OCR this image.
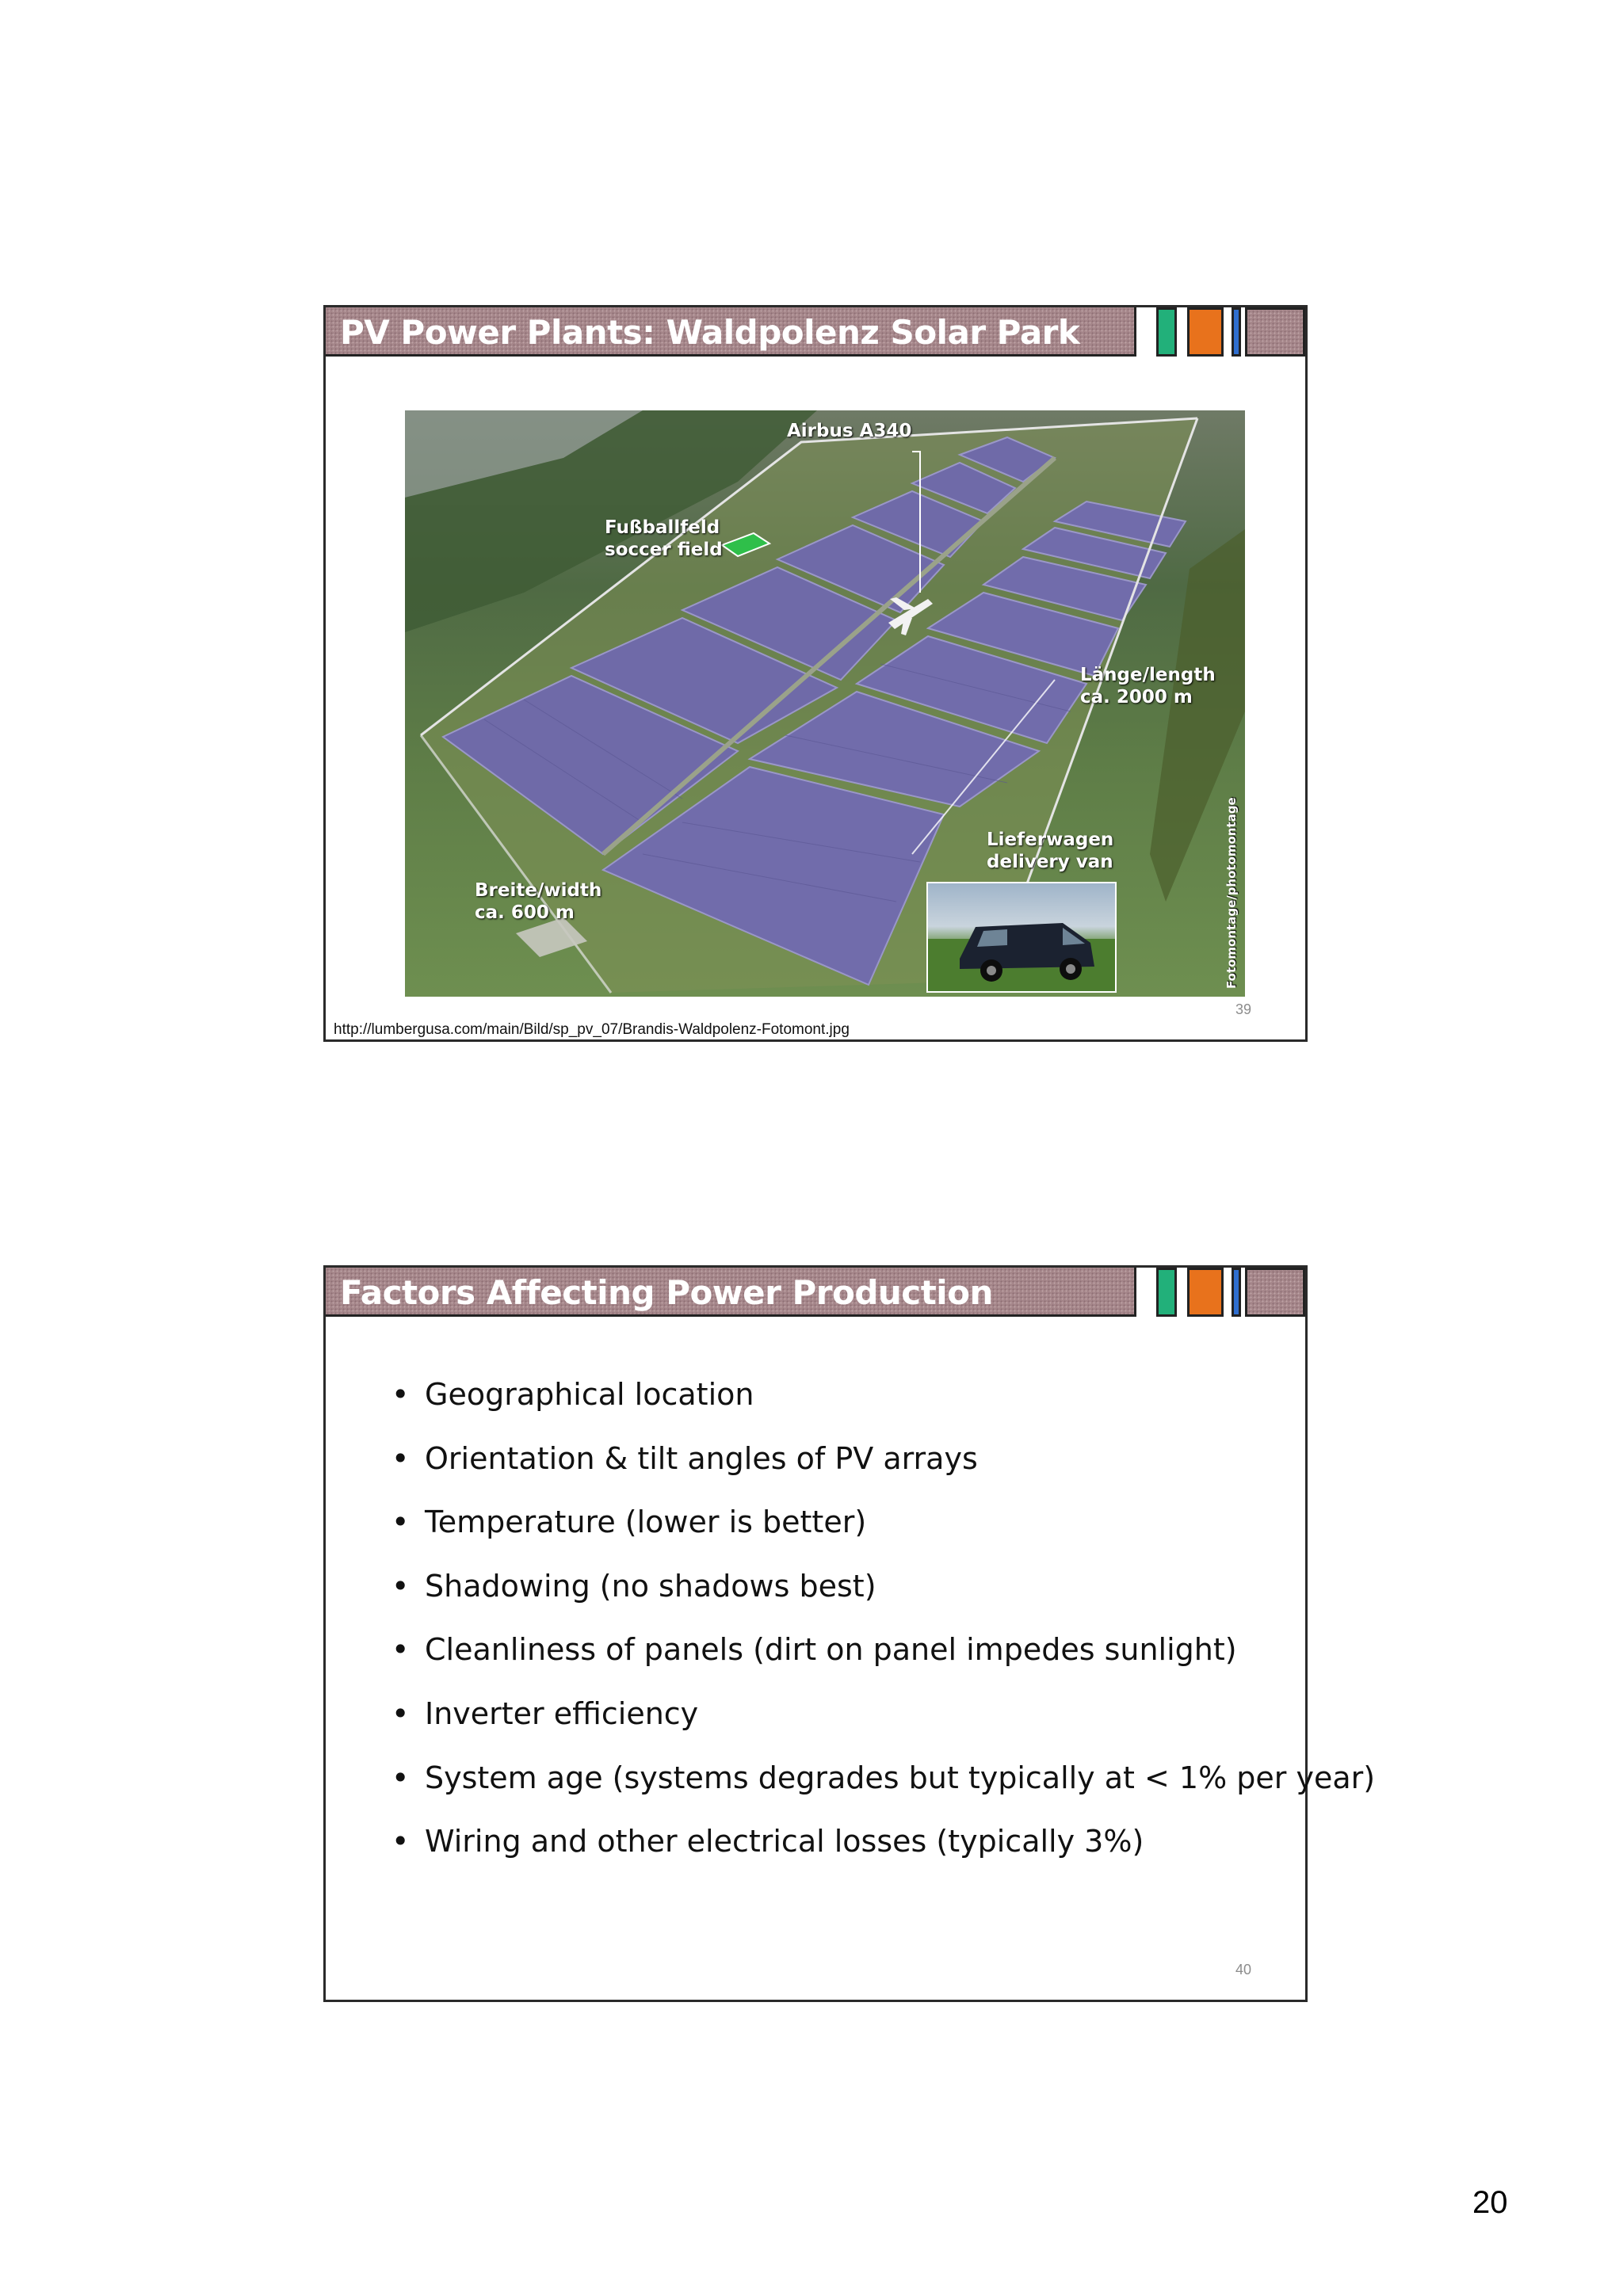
PV Power Plants: Waldpolenz Solar Park
Airbus A340
Fußballfeld
soccer field
Länge/length
ca. 2000 m
Lieferwagen
delivery van
Breite/width
ca. 600 m	Fotomontage/photomontage
39
http://lumbergusa.com/main/Bild/sp_pv_07/Brandis-Waldpolenz-Fotomont.jpg
Factors Affecting Power Production
• Geographical location
• Orientation & tilt angles of PV arrays
• Temperature (lower is better)
• Shadowing (no shadows best)
• Cleanliness of panels (dirt on panel impedes sunlight)
• Inverter efficiency
• System age (systems degrades but typically at < 1% per year)
• Wiring and other electrical losses (typically 3%)
40
20
